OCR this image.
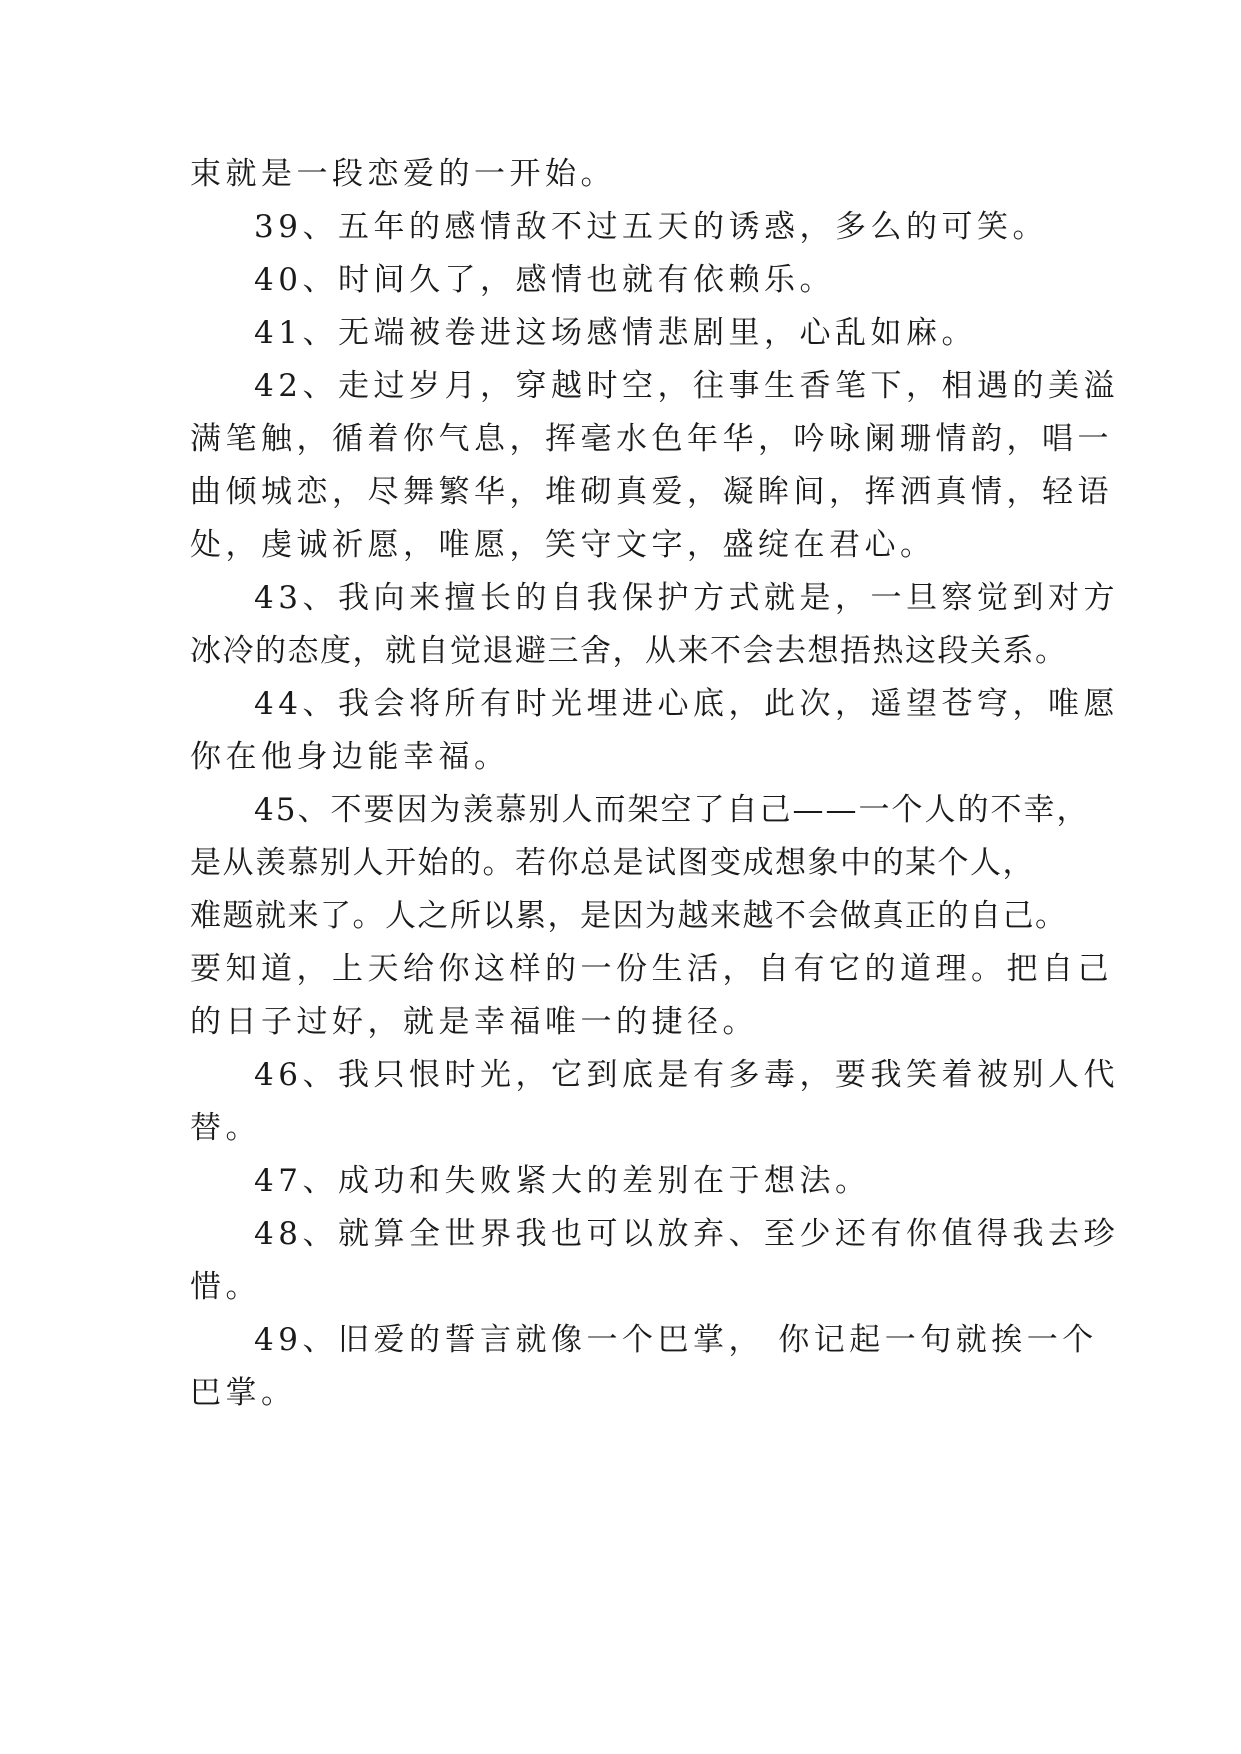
束就是一段恋爱的一开始。
39、五年的感情敌不过五天的诱惑，多么的可笑。
40、时间久了，感情也就有依赖乐。
41、无端被卷进这场感情悲剧里，心乱如麻。
42、走过岁月，穿越时空，往事生香笔下，相遇的美溢
满笔触，循着你气息，挥毫水色年华，吟咏阑珊情韵，唱一
曲倾城恋，尽舞繁华，堆砌真爱，凝眸间，挥洒真情，轻语
处，虔诚祈愿，唯愿，笑守文字，盛绽在君心。
43、我向来擅长的自我保护方式就是，一旦察觉到对方
冰冷的态度，就自觉退避三舍，从来不会去想捂热这段关系。
44、我会将所有时光埋进心底，此次，遥望苍穹，唯愿
你在他身边能幸福。
45、不要因为羡慕别人而架空了自己——一个人的不幸，
是从羡慕别人开始的。若你总是试图变成想象中的某个人，
难题就来了。人之所以累，是因为越来越不会做真正的自己。
要知道，上天给你这样的一份生活，自有它的道理。把自己
的日子过好，就是幸福唯一的捷径。
46、我只恨时光，它到底是有多毒，要我笑着被别人代
替。
47、成功和失败紧大的差别在于想法。
48、就算全世界我也可以放弃、至少还有你值得我去珍
惜。
49、旧爱的誓言就像一个巴掌， 你记起一句就挨一个
巴掌。
